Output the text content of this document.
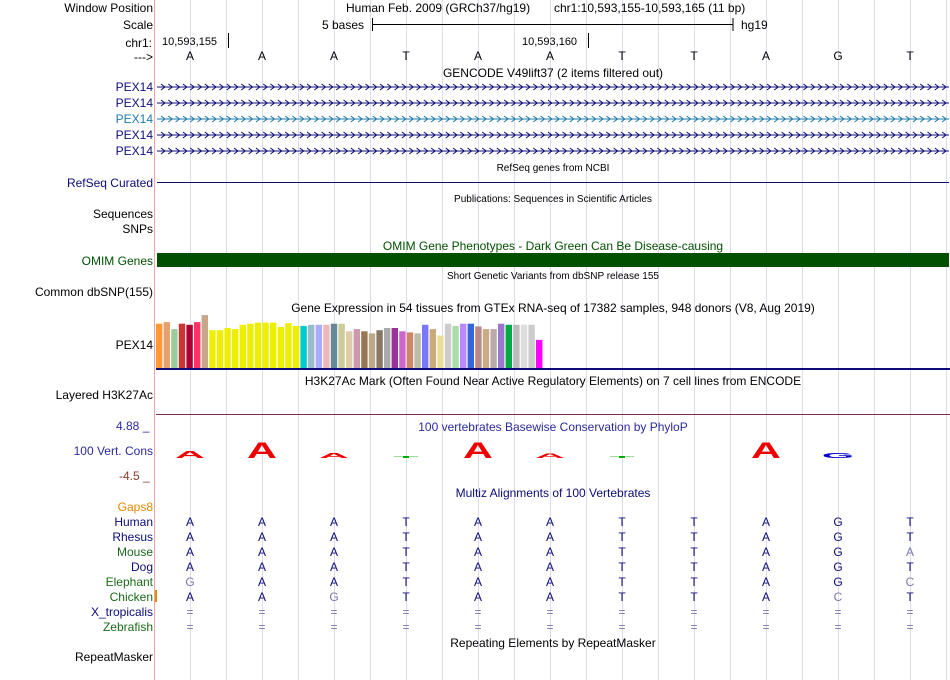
Window Position	Human Feb. 2009 (GRCh37/hg19) chr1:10,593,155-10,593,165 (11 bp)
Scale	5 bases	hg19
chr1: 10,593,155	10,593,160
--->	A	A	A	T	A	A	T	T	A	G	T
GENCODE V49lift37 (2 items filtered out)
PEX14
PEX14
PEX14
PEX14
PEX14
RefSeq genes from NCBI
RefSeq Curated
Publications: Sequences in Scientific Articles
Sequences
SNPs
OMIM Gene Phenotypes - Dark Green Can Be Disease-causing
OMIM Genes
Short Genetic Variants from dbSNP release 155
Common dbSNP(155)
Gene Expression in 54 tissues from GTEx RNA-seq of 17382 samples, 948 donors (V8, Aug 2019)
PEX14
H3K27Ac Mark (Often Found Near Active Regulatory Elements) on 7 cell lines from ENCODE
Layered H3K27Ac
100 vertebrates Basewise Conservation by PhyloP
4.88 _
100 Vert. Cons
-4.5 _
A A A T A A T	A G
Multiz Alignments of 100 Vertebrates
Gaps8
Human	A	A	A	T	A	A	T	T	A	G	T
Rhesus	A	A	A	T	A	A	T	T	A	G	T
Mouse	A	A	A	T	A	A	T	T	A	G	A
Dog	A	A	A	T	A	A	T	T	A	G	T
Elephant	G	A	A	T	A	A	T	T	A	G	C
Chicken	A	A	G	T	A	A	T	T	A	C	T
X_tropicalis	=	=	=	=	=	=	=	=	=	=	=
Zebrafish	=	=	=	=	=	=	=	=	=	=	=
Repeating Elements by RepeatMasker
RepeatMasker
